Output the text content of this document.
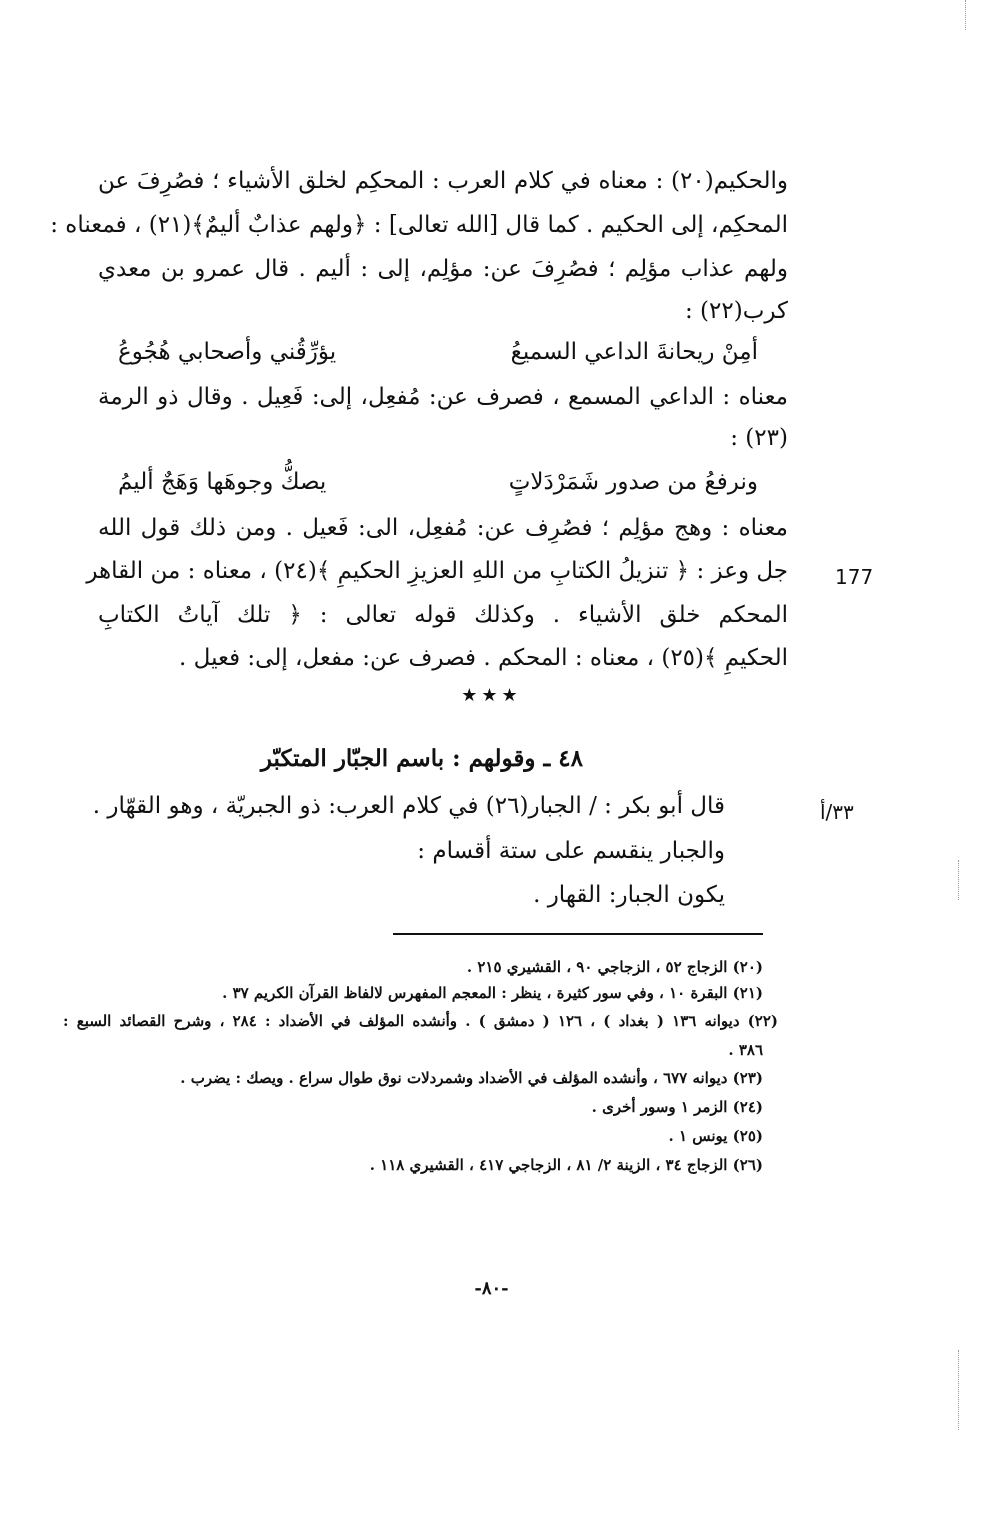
والحكيم(٢٠) : معناه في كلام العرب : المحكِم لخلق الأشياء ؛ فصُرِفَ عن
المحكِم، إلى الحكيم . كما قال [الله تعالى] : ﴿ولهم عذابٌ أليمٌ﴾(٢١) ، فمعناه :
ولهم عذاب مؤلِم ؛ فصُرِفَ عن: مؤلِم، إلى : أليم . قال عمرو بن معدي
كرب(٢٢) :
أمِنْ ريحانةَ الداعي السميعُ
يؤرِّقُني وأصحابي هُجُوعُ
معناه : الداعي المسمع ، فصرف عن: مُفعِل، إلى: فَعِيل . وقال ذو الرمة
(٢٣) :
ونرفعُ من صدور شَمَرْدَلاتٍ
يصكُّ وجوهَها وَهَجٌ أليمُ
معناه : وهج مؤلِم ؛ فصُرِف عن: مُفعِل، الى: فَعيل . ومن ذلك قول الله
جل وعز : ﴿ تنزيلُ الكتابِ من اللهِ العزيزِ الحكيمِ ﴾(٢٤) ، معناه : من القاهر
المحكم خلق الأشياء . وكذلك قوله تعالى : ﴿ تلك آياتُ الكتابِ
الحكيمِ ﴾(٢٥) ، معناه : المحكم . فصرف عن: مفعل، إلى: فعيل .
177
★★★
٤٨ ـ وقولهم : باسم الجبّار المتكبّر
قال أبو بكر : / الجبار(٢٦) في كلام العرب: ذو الجبريّة ، وهو القهّار .
والجبار ينقسم على ستة أقسام :
يكون الجبار: القهار .
٣٣/أ
(٢٠) الزجاج ٥٢ ، الزجاجي ٩٠ ، القشيري ٢١٥ .
(٢١) البقرة ١٠ ، وفي سور كثيرة ، ينظر : المعجم المفهرس لالفاظ القرآن الكريم ٣٧ .
(٢٢) ديوانه ١٣٦ ( بغداد ) ، ١٢٦ ( دمشق ) . وأنشده المؤلف في الأضداد : ٢٨٤ ، وشرح القصائد السبع :
٣٨٦ .
(٢٣) ديوانه ٦٧٧ ، وأنشده المؤلف في الأضداد وشمردلات نوق طوال سراع . ويصك : يضرب .
(٢٤) الزمر ١ وسور أخرى .
(٢٥) يونس ١ .
(٢٦) الزجاج ٣٤ ، الزينة ٢/ ٨١ ، الزجاجي ٤١٧ ، القشيري ١١٨ .
-٨٠-
